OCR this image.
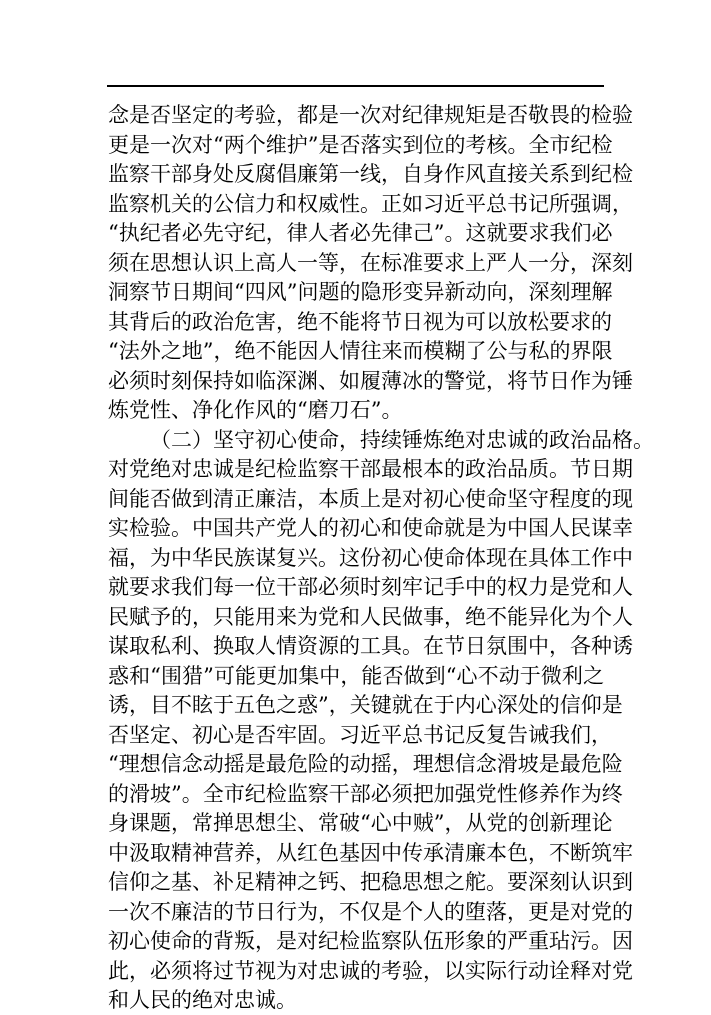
念是否坚定的考验，都是一次对纪律规矩是否敬畏的检验
更是一次对“两个维护”是否落实到位的考核。全市纪检
监察干部身处反腐倡廉第一线，自身作风直接关系到纪检
监察机关的公信力和权威性。正如习近平总书记所强调，
“执纪者必先守纪，律人者必先律己”。这就要求我们必
须在思想认识上高人一等，在标准要求上严人一分，深刻
洞察节日期间“四风”问题的隐形变异新动向，深刻理解
其背后的政治危害，绝不能将节日视为可以放松要求的
“法外之地”，绝不能因人情往来而模糊了公与私的界限
必须时刻保持如临深渊、如履薄冰的警觉，将节日作为锤
炼党性、净化作风的“磨刀石”。
（二）坚守初心使命，持续锤炼绝对忠诚的政治品格。
对党绝对忠诚是纪检监察干部最根本的政治品质。节日期
间能否做到清正廉洁，本质上是对初心使命坚守程度的现
实检验。中国共产党人的初心和使命就是为中国人民谋幸
福，为中华民族谋复兴。这份初心使命体现在具体工作中
就要求我们每一位干部必须时刻牢记手中的权力是党和人
民赋予的，只能用来为党和人民做事，绝不能异化为个人
谋取私利、换取人情资源的工具。在节日氛围中，各种诱
惑和“围猎”可能更加集中，能否做到“心不动于微利之
诱，目不眩于五色之惑”，关键就在于内心深处的信仰是
否坚定、初心是否牢固。习近平总书记反复告诫我们，
“理想信念动摇是最危险的动摇，理想信念滑坡是最危险
的滑坡”。全市纪检监察干部必须把加强党性修养作为终
身课题，常掸思想尘、常破“心中贼”，从党的创新理论
中汲取精神营养，从红色基因中传承清廉本色，不断筑牢
信仰之基、补足精神之钙、把稳思想之舵。要深刻认识到
一次不廉洁的节日行为，不仅是个人的堕落，更是对党的
初心使命的背叛，是对纪检监察队伍形象的严重玷污。因
此，必须将过节视为对忠诚的考验，以实际行动诠释对党
和人民的绝对忠诚。
